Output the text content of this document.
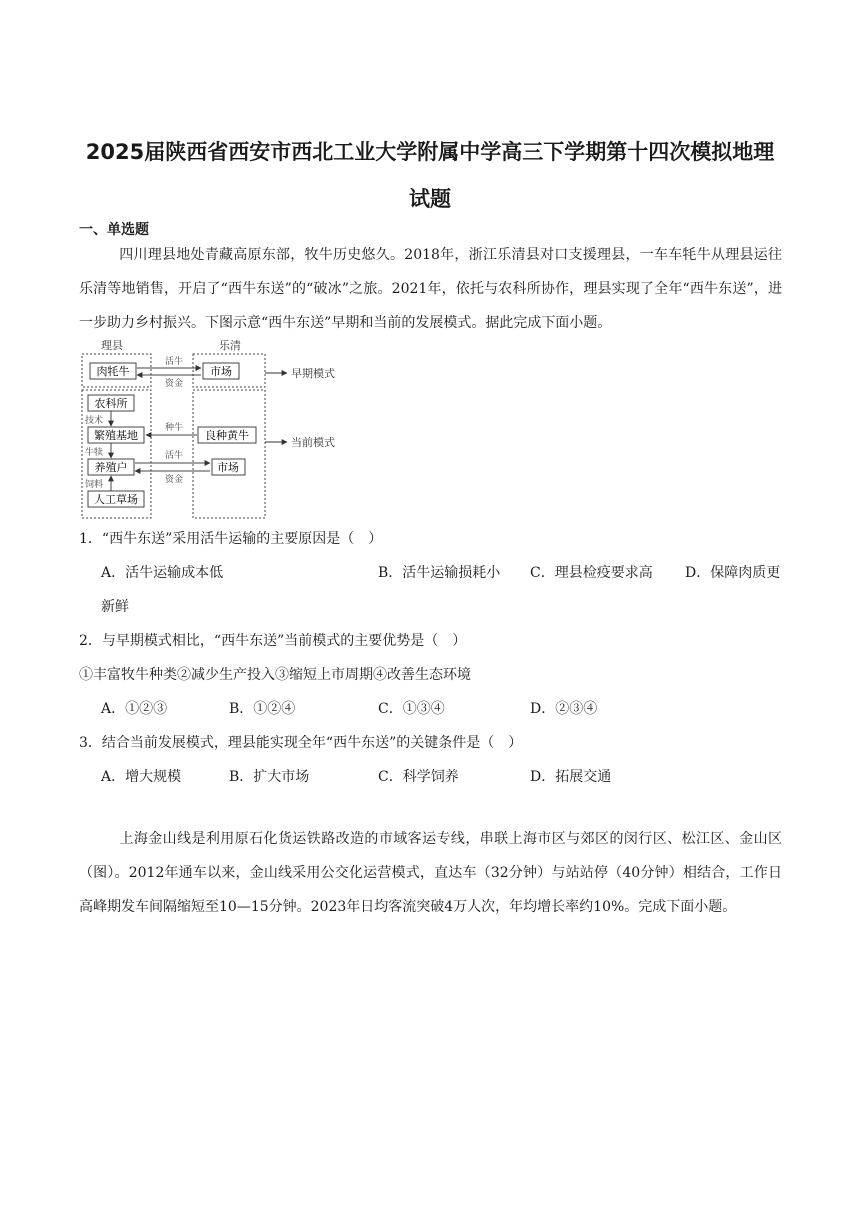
2025届陕西省西安市西北工业大学附属中学高三下学期第十四次模拟地理
试题
一、单选题
四川理县地处青藏高原东部，牧牛历史悠久。2018年，浙江乐清县对口支援理县，一车车牦牛从理县运往乐清等地销售，开启了“西牛东送”的“破冰”之旅。2021年，依托与农科所协作，理县实现了全年“西牛东送”，进一步助力乡村振兴。下图示意“西牛东送”早期和当前的发展模式。据此完成下面小题。
理县	乐清
肉牦牛	市场
活牛
资金
早期模式
农科所
技术
繁殖基地
牛犊
养殖户
饲料
人工草场
良种黄牛
种牛
市场
活牛
资金
当前模式
1．“西牛东送”采用活牛运输的主要原因是（　）
A．活牛运输成本低	B．活牛运输损耗小 C．理县检疫要求高 D．保障肉质更
新鲜
2．与早期模式相比，“西牛东送”当前模式的主要优势是（　）
①丰富牧牛种类②减少生产投入③缩短上市周期④改善生态环境
A．①②③	B．①②④	C．①③④	D．②③④
3．结合当前发展模式，理县能实现全年“西牛东送”的关键条件是（　）
A．增大规模	B．扩大市场	C．科学饲养	D．拓展交通
上海金山线是利用原石化货运铁路改造的市域客运专线，串联上海市区与郊区的闵行区、松江区、金山区（图）。2012年通车以来，金山线采用公交化运营模式，直达车（32分钟）与站站停（40分钟）相结合，工作日高峰期发车间隔缩短至10—15分钟。2023年日均客流突破4万人次，年均增长率约10%。完成下面小题。
